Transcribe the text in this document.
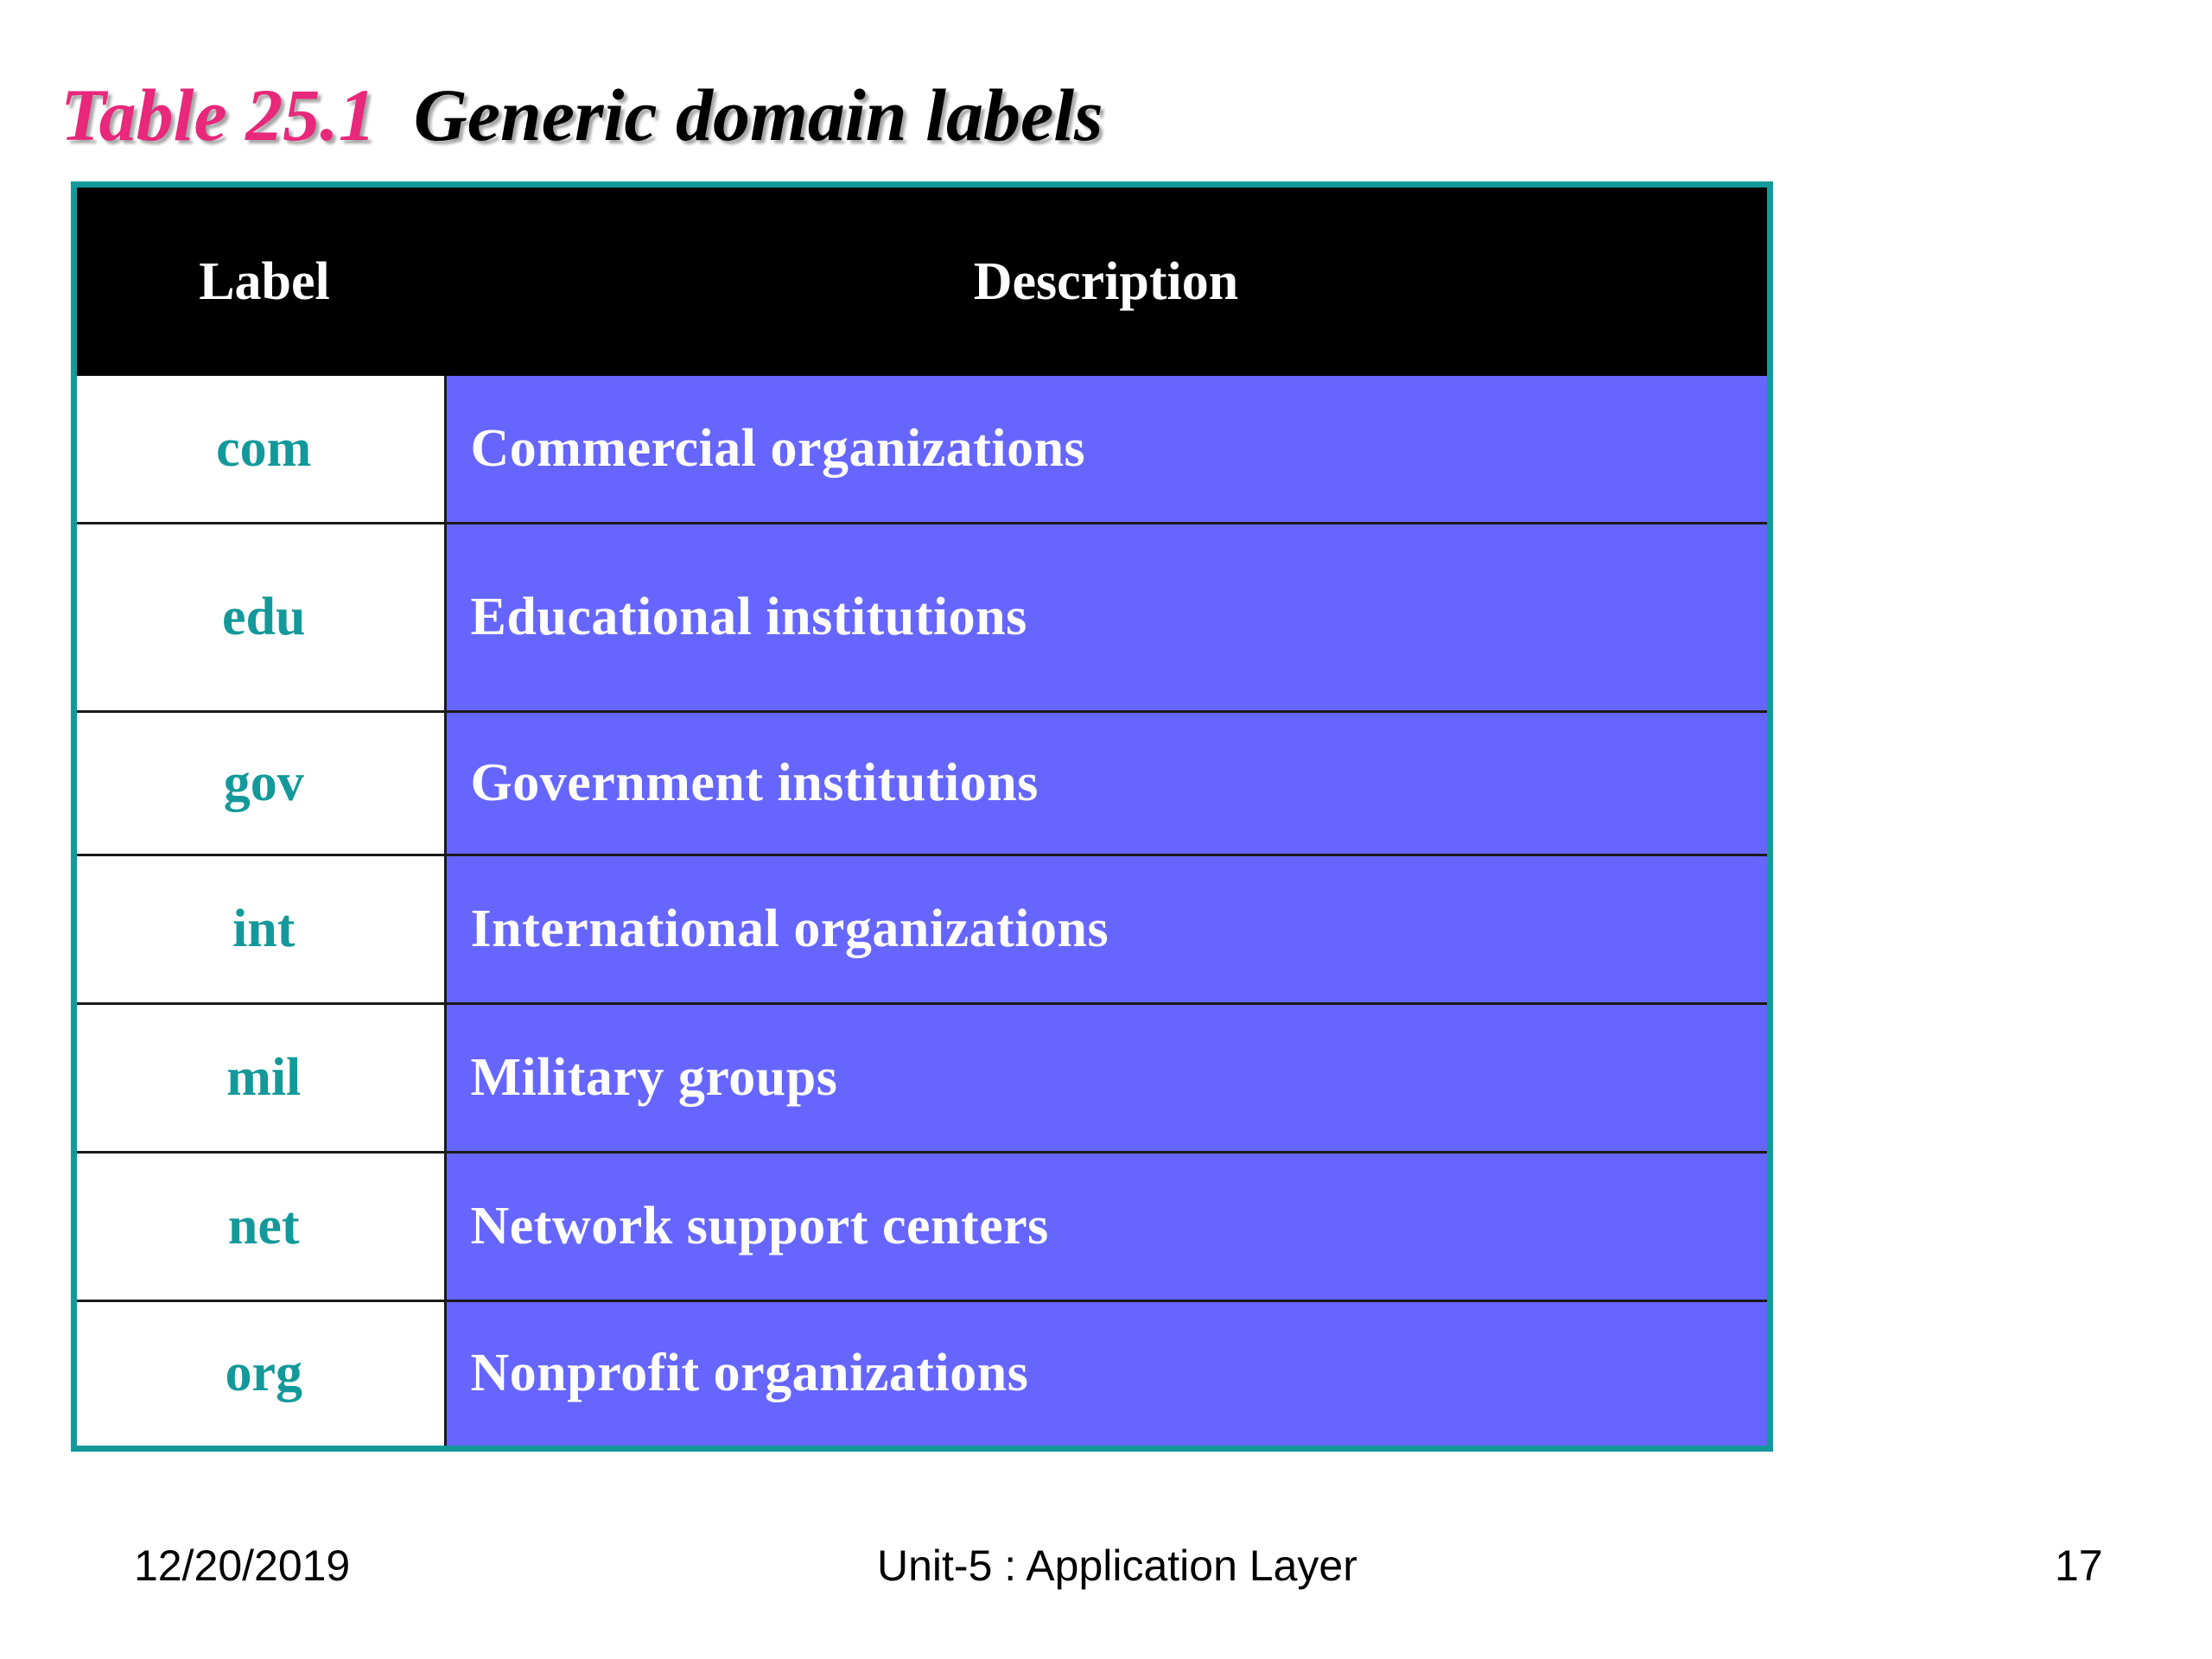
Table 25.1 Generic domain labels
Label	Description
com	Commercial organizations
edu	Educational institutions
gov	Government institutions
int	International organizations
mil	Military groups
net	Network support centers
org	Nonprofit organizations
12/20/2019	Unit-5 : Application Layer	17
